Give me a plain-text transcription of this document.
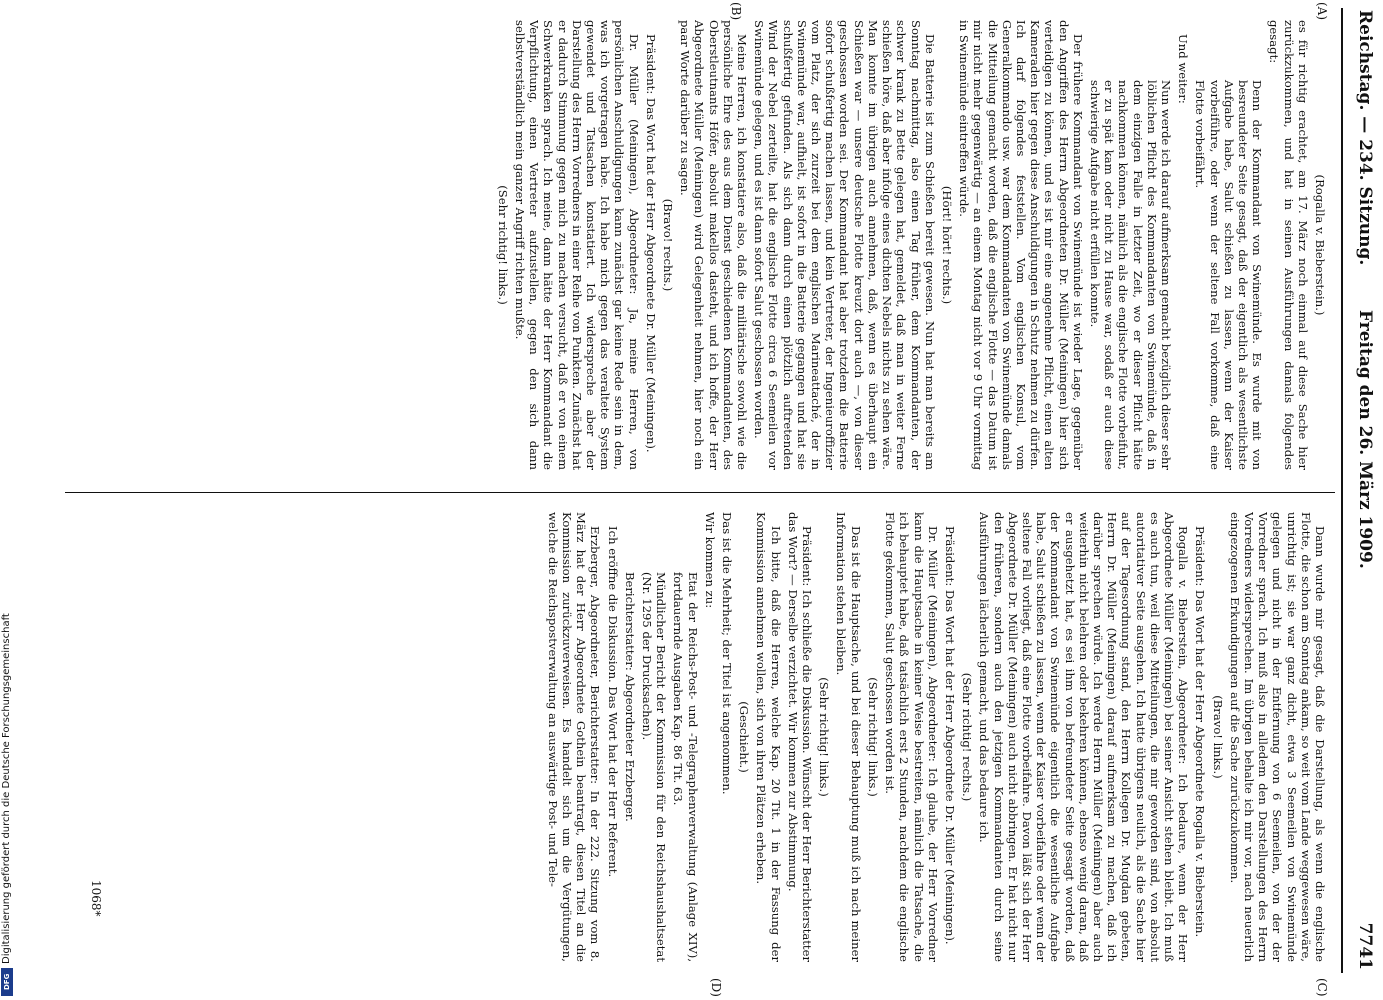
Reichstag. — 234. Sitzung.
Freitag den 26. März 1909.
7741
(A)
(B)
(C)
(D)

(Rogalla v. Bieberstein.)

es für richtig erachtet, am 17. März noch einmal auf diese Sache hier zurückzukommen, und hat in seinen Ausführungen damals folgendes gesagt:

Denn der Kommandant von Swinemünde. Es wurde mit von besreundeter Seite gesagt, daß der eigentlich als wesentlichste Aufgabe habe, Salut schießen zu lassen, wenn der Kaiser vorbeiführe, oder wenn der seltene Fall vorkomme, daß eine Flotte vorbeifährt.

Und weiter:

Nun werde ich darauf aufmerksam gemacht bezüglich dieser sehr löblichen Pflicht des Kommandanten von Swinemünde, daß in dem einzigen Falle in letzter Zeit, wo er dieser Pflicht hätte nachkommen können, nämlich als die englische Flotte vorbeifuhr, er zu spät kam oder nicht zu Hause war, sodaß er auch diese schwierige Aufgabe nicht erfüllen konnte.

Der frühere Kommandant von Swinemünde ist wieder Lage, gegenüber den Angriffen des Herrn Abgeordneten Dr. Müller (Meiningen) hier sich verteidigen zu können, und es ist mir eine angenehme Pflicht, einen alten Kameraden hier gegen diese Anschuldigungen in Schutz nehmen zu dürfen. Ich darf folgendes feststellen. Vom englischen Konsul, vom Generalkommando usw. war dem Kommandanten von Swinemünde damals die Mitteilung gemacht worden, daß die englische Flotte — das Datum ist mir nicht mehr gegenwärtig — an einem Montag nicht vor 9 Uhr vormittag in Swinemünde eintreffen würde.

(Hört! hört! rechts.)

Die Batterie ist zum Schießen bereit gewesen. Nun hat man bereits am Sonntag nachmittag, also einen Tag früher, dem Kommandanten, der schwer krank zu Bette gelegen hat, gemeldet, daß man in weiter Ferne schießen höre, daß aber infolge eines dichten Nebels nichts zu sehen wäre. Man konnte im übrigen auch annehmen, daß, wenn es überhaupt ein Schießen war — unsere deutsche Flotte kreuzt dort auch —, von dieser geschossen worden sei. Der Kommandant hat aber trotzdem die Batterie sofort schußfertig machen lassen, und kein Vertreter, der Ingenieuroffizier vom Platz, der sich zurzeit bei dem englischen Marineattaché, der in Swinemünde war, aufhielt, ist sofort in die Batterie gegangen und hat sie schußfertig gefunden. Als sich dann durch einen plötzlich auftretenden Wind der Nebel zerteilte, hat die englische Flotte circa 6 Seemeilen vor Swinemünde gelegen, und es ist dann sofort Salut geschossen worden.

Meine Herren, ich konstatiere also, daß die militärische sowohl wie die persönliche Ehre des aus dem Dienst geschiedenen Kommandanten, des Oberstleutnants Höfer, absolut makellos dasteht, und ich hoffe, der Herr Abgeordnete Müller (Meiningen) wird Gelegenheit nehmen, hier noch ein paar Worte darüber zu sagen.

(Bravo! rechts.)

Präsident: Das Wort hat der Herr Abgeordnete Dr. Müller (Meiningen).

Dr. Müller (Meiningen), Abgeordneter: Ja, meine Herren, von persönlichen Anschuldigungen kann zunächst gar keine Rede sein in dem, was ich vorgetragen habe. Ich habe mich gegen das veraltete System gewendet und Tatsachen konstatiert. Ich widerspreche aber der Darstellung des Herrn Vorredners in einer Reihe von Punkten. Zunächst hat er dadurch Stimmung gegen mich zu machen versucht, daß er von einem Schwerkranken sprach. Ich meine, dann hätte der Herr Kommandant die Verpflichtung, einen Vertreter aufzustellen, gegen den sich dann selbstverständlich mein ganzer Angriff richten mußte.

(Sehr richtig! links.)

Dann wurde mir gesagt, daß die Darstellung, als wenn die englische Flotte, die schon am Sonntag ankam, so weit vom Lande weggewesen wäre, unrichtig ist; sie war ganz dicht, etwa 3 Seemeilen von Swinemünde gelegen und nicht in der Entfernung von 6 Seemeilen, von der der Vorredner sprach. Ich muß also in alledem den Darstellungen des Herrn Vorredners widersprechen. Im übrigen behalte ich mir vor, nach neuerlich eingezogenen Erkundigungen auf die Sache zurückzukommen.

(Bravo! links.)

Präsident: Das Wort hat der Herr Abgeordnete Rogalla v. Bieberstein.

Rogalla v. Bieberstein, Abgeordneter: Ich bedaure, wenn der Herr Abgeordnete Müller (Meiningen) bei seiner Ansicht stehen bleibt. Ich muß es auch tun, weil diese Mitteilungen, die mir geworden sind, von absolut autoritativer Seite ausgehen. Ich hatte übrigens neulich, als die Sache hier auf der Tagesordnung stand, den Herrn Kollegen Dr. Mugdan gebeten, Herrn Dr. Müller (Meiningen) darauf aufmerksam zu machen, daß ich darüber sprechen würde. Ich werde Herrn Müller (Meiningen) aber auch weiterhin nicht belehren oder bekehren können, ebenso wenig daran, daß er ausgehetzt hat, es sei ihm von befreundeter Seite gesagt worden, daß der Kommandant von Swinemünde eigentlich die wesentliche Aufgabe habe, Salut schießen zu lassen, wenn der Kaiser vorbeifahre oder wenn der seltene Fall vorliegt, daß eine Flotte vorbeifahre. Davon läßt sich der Herr Abgeordnete Dr. Müller (Meiningen) auch nicht abbringen. Er hat nicht nur den früheren, sondern auch den jetzigen Kommandanten durch seine Ausführungen lächerlich gemacht, und das bedaure ich.

(Sehr richtig! rechts.)

Präsident: Das Wort hat der Herr Abgeordnete Dr. Müller (Meiningen).

Dr. Müller (Meiningen), Abgeordneter: Ich glaube, der Herr Vorredner kann die Hauptsache in keiner Weise bestreiten, nämlich die Tatsache, die ich behauptet habe, daß tatsächlich erst 2 Stunden, nachdem die englische Flotte gekommen, Salut geschossen worden ist.

(Sehr richtig! links.)

Das ist die Hauptsache, und bei dieser Behauptung muß ich nach meiner Information stehen bleiben.

(Sehr richtig! links.)

Präsident: Ich schließe die Diskussion. Wünscht der Herr Berichterstatter das Wort? — Derselbe verzichtet. Wir kommen zur Abstimmung.

Ich bitte, daß die Herren, welche Kap. 20 Tit. 1 in der Fassung der Kommission annehmen wollen, sich von ihren Plätzen erheben.

(Geschieht.)

Das ist die Mehrheit; der Titel ist angenommen.

Wir kommen zu:

Etat der Reichs-Post- und -Telegraphenverwaltung (Anlage XIV), fortdauernde Ausgaben Kap. 86 Tit. 63.

Mündlicher Bericht der Kommission für den Reichshaushaltsetat (Nr. 1295 der Drucksachen).

Berichterstatter: Abgeordneter Erzberger.

Ich eröffne die Diskussion. Das Wort hat der Herr Referent.

Erzberger, Abgeordneter, Berichterstatter: In der 222. Sitzung vom 8. März hat der Herr Abgeordnete Gothein beantragt, diesen Titel an die Kommission zurückzuverweisen. Es handelt sich um die Vergütungen, welche die Reichspostverwaltung an auswärtige Post- und Tele-

1068*
Digitalisierung gefördert durch die Deutsche Forschungsgemeinschaft
DFG
